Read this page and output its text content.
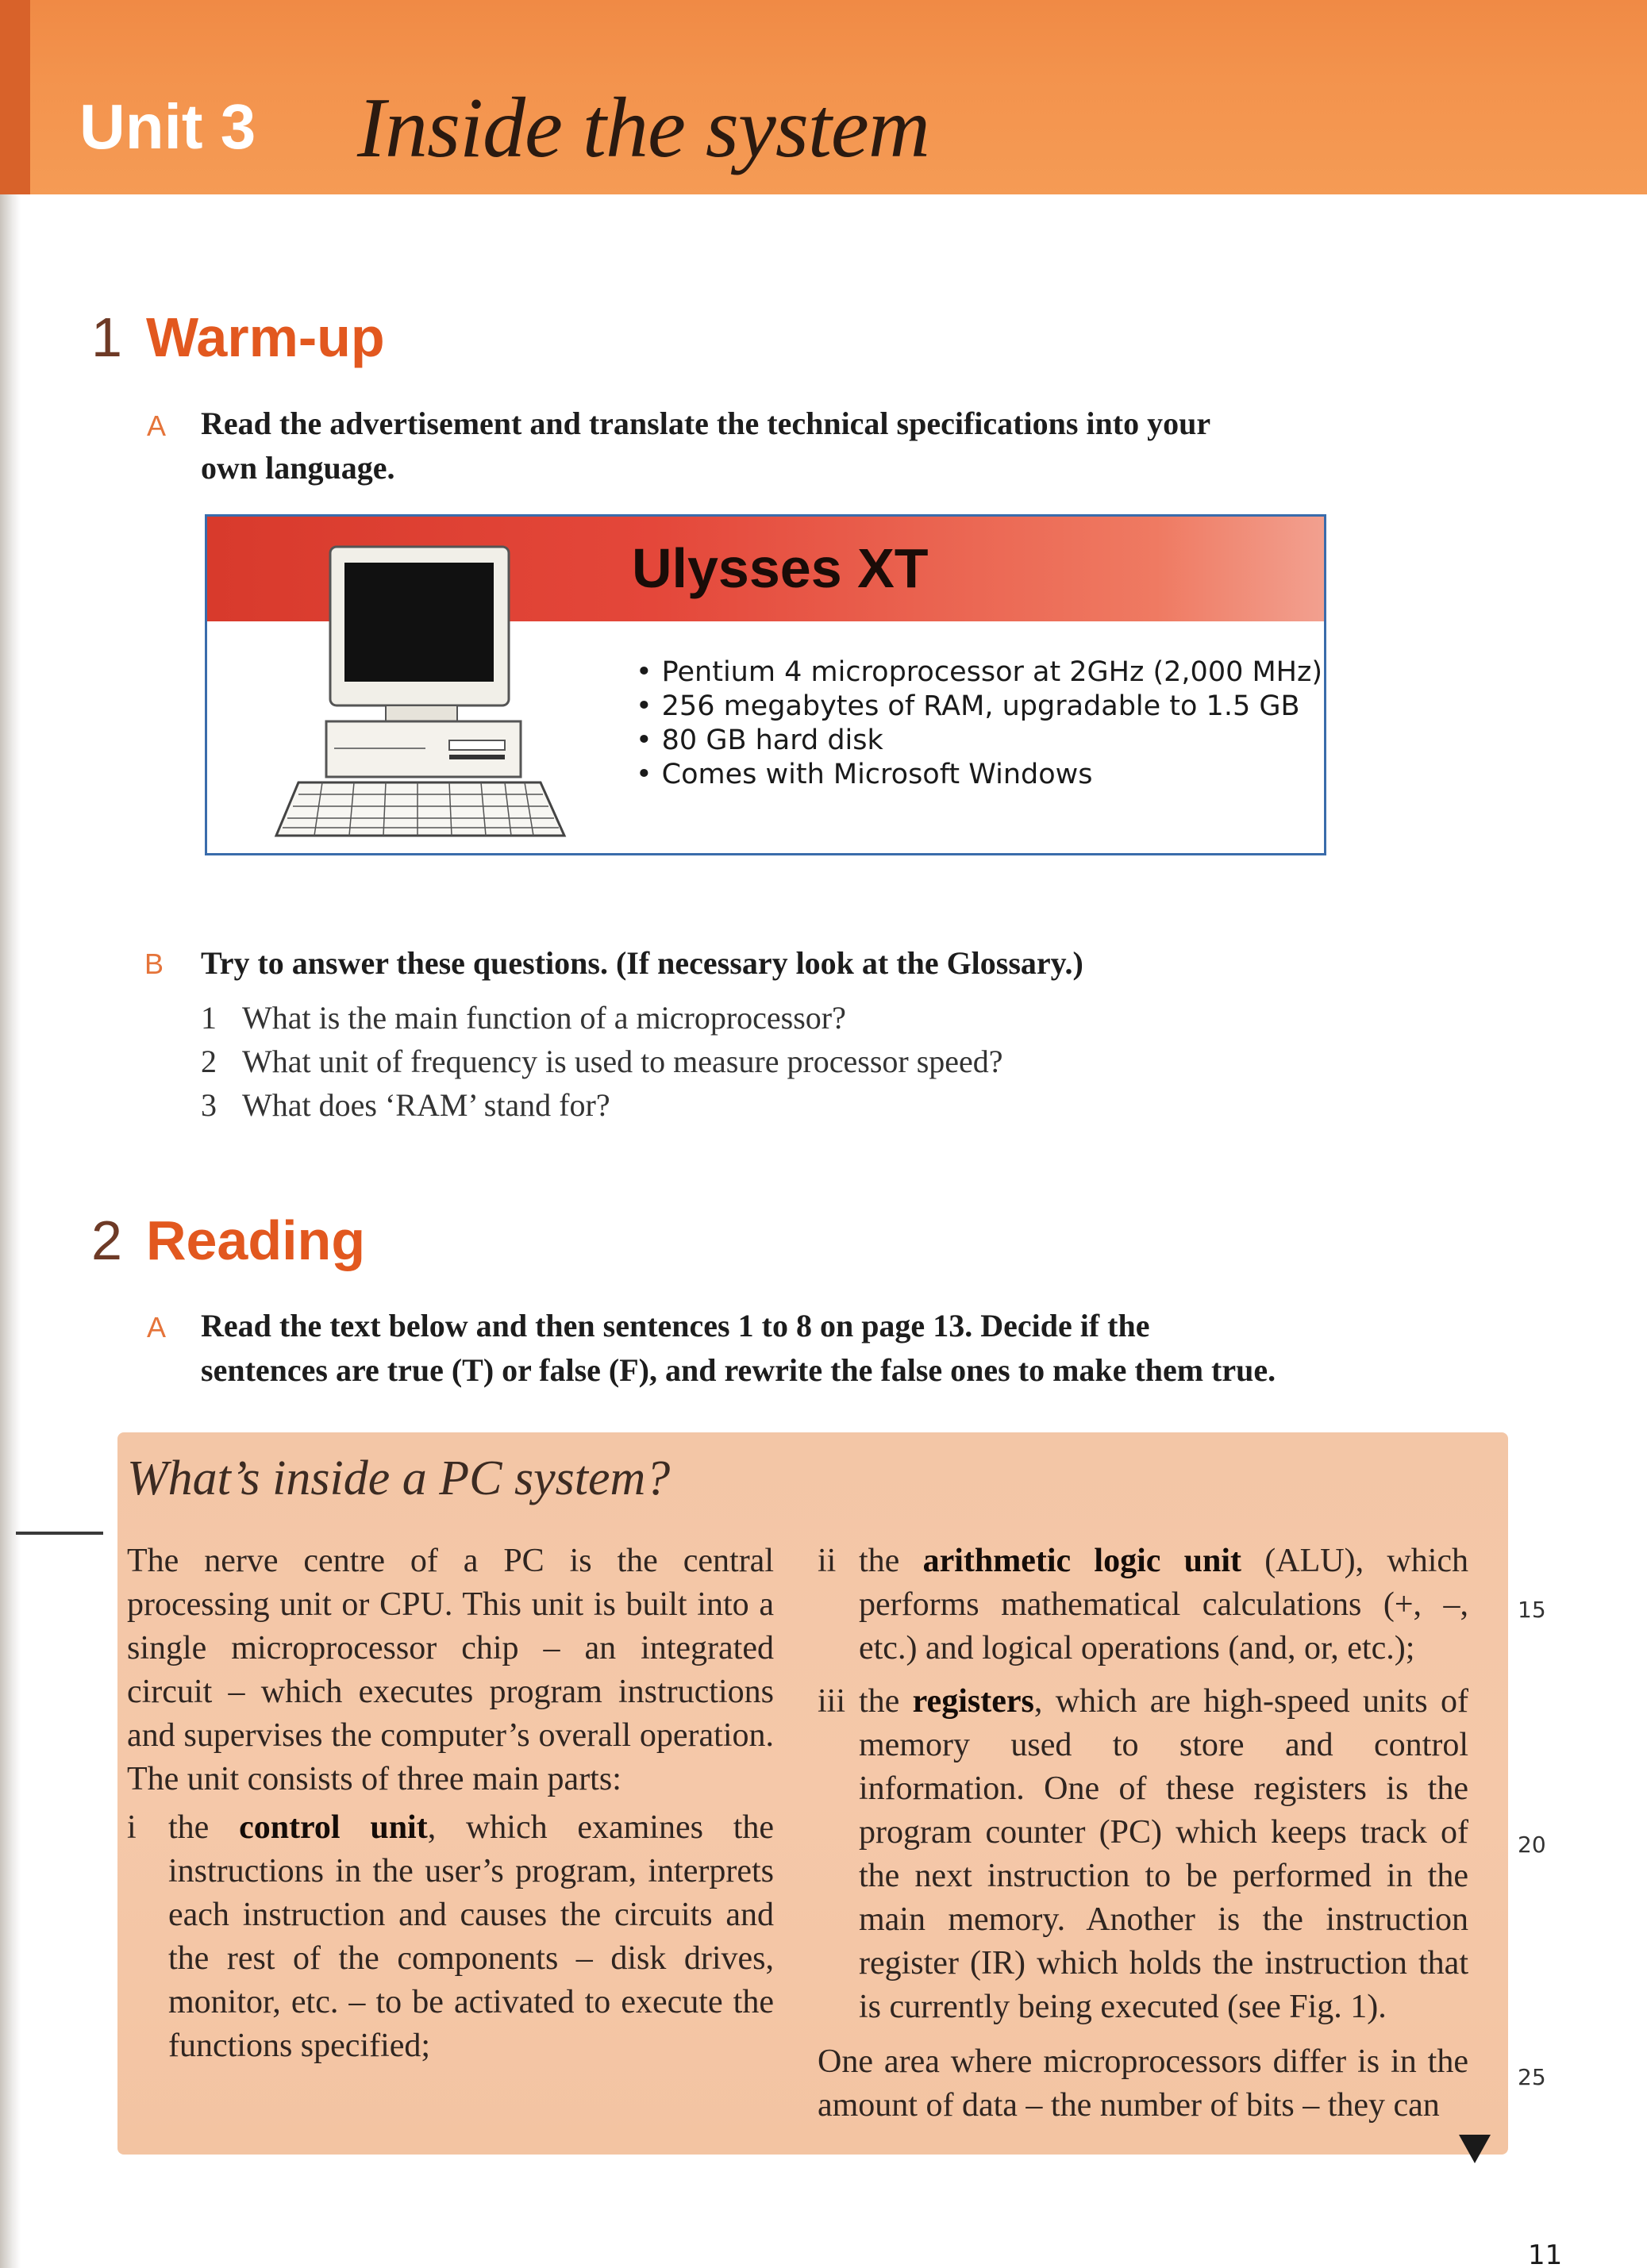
Unit 3 Inside the system
1 Warm-up
A Read the advertisement and translate the technical specifications into your
own language.
Ulysses XT
• Pentium 4 microprocessor at 2GHz (2,000 MHz)
• 256 megabytes of RAM, upgradable to 1.5 GB
• 80 GB hard disk
• Comes with Microsoft Windows
B Try to answer these questions. (If necessary look at the Glossary.)
1 What is the main function of a microprocessor?
2 What unit of frequency is used to measure processor speed?
3 What does ‘RAM’ stand for?
2 Reading
A Read the text below and then sentences 1 to 8 on page 13. Decide if the
sentences are true (T) or false (F), and rewrite the false ones to make them true.
What’s inside a PC system?

The nerve centre of a PC is the central processing unit or CPU. This unit is built into a single microprocessor chip – an integrated circuit – which executes program instructions and supervises the computer’s overall operation. The unit consists of three main parts:

i the control unit, which examines the instructions in the user’s program, interprets each instruction and causes the circuits and the rest of the components – disk drives, monitor, etc. – to be activated to execute the functions specified;
ii the arithmetic logic unit (ALU), which performs mathematical calculations (+, –, etc.) and logical operations (and, or, etc.);
iii the registers, which are high-speed units of memory used to store and control information. One of these registers is the program counter (PC) which keeps track of the next instruction to be performed in the main memory. Another is the instruction register (IR) which holds the instruction that is currently being executed (see Fig. 1).

One area where microprocessors differ is in the amount of data – the number of bits – they can

15
20
25
11
